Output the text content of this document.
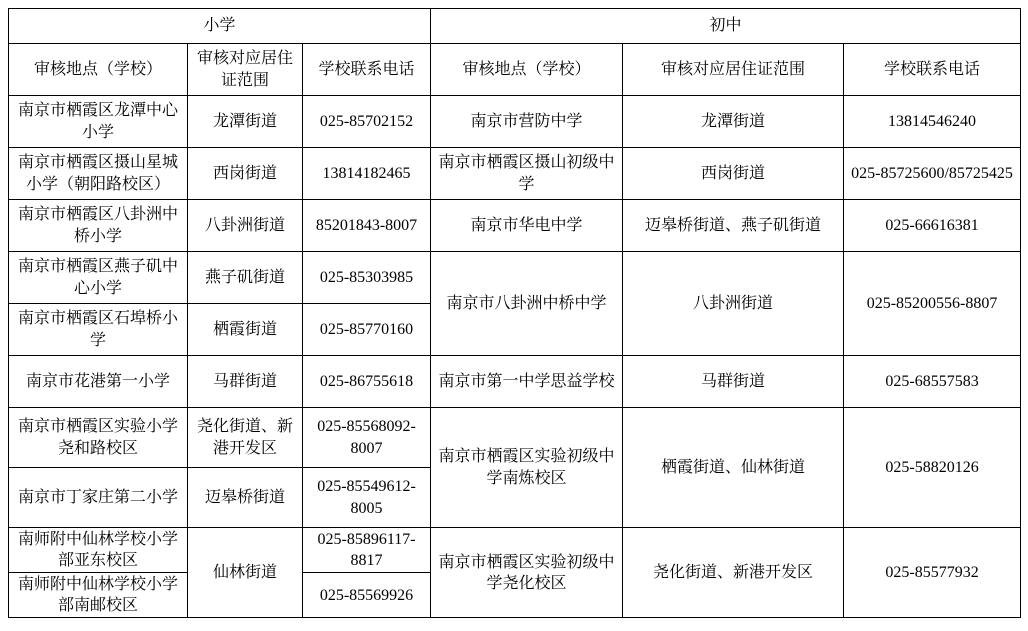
小学			初中		
审核地点（学校）	审核对应居住证范围	学校联系电话	审核地点（学校）	审核对应居住证范围	学校联系电话
南京市栖霞区龙潭中心小学	龙潭街道	025-85702152	南京市营防中学	龙潭街道	13814546240
南京市栖霞区摄山星城小学（朝阳路校区）	西岗街道	13814182465	南京市栖霞区摄山初级中学	西岗街道	025-85725600/85725425
南京市栖霞区八卦洲中桥小学	八卦洲街道	85201843-8007	南京市华电中学	迈皋桥街道、燕子矶街道	025-66616381
南京市栖霞区燕子矶中心小学	燕子矶街道	025-85303985	南京市八卦洲中桥中学	八卦洲街道	025-85200556-8807
南京市栖霞区石埠桥小学	栖霞街道	025-85770160			
南京市花港第一小学	马群街道	025-86755618	南京市第一中学思益学校	马群街道	025-68557583
南京市栖霞区实验小学尧和路校区	尧化街道、新港开发区	025-85568092-8007	南京市栖霞区实验初级中学南炼校区	栖霞街道、仙林街道	025-58820126
南京市丁家庄第二小学	迈皋桥街道	025-85549612-8005			
南师附中仙林学校小学部亚东校区	仙林街道	025-85896117-8817	南京市栖霞区实验初级中学尧化校区	尧化街道、新港开发区	025-85577932
南师附中仙林学校小学部南邮校区		025-85569926			
